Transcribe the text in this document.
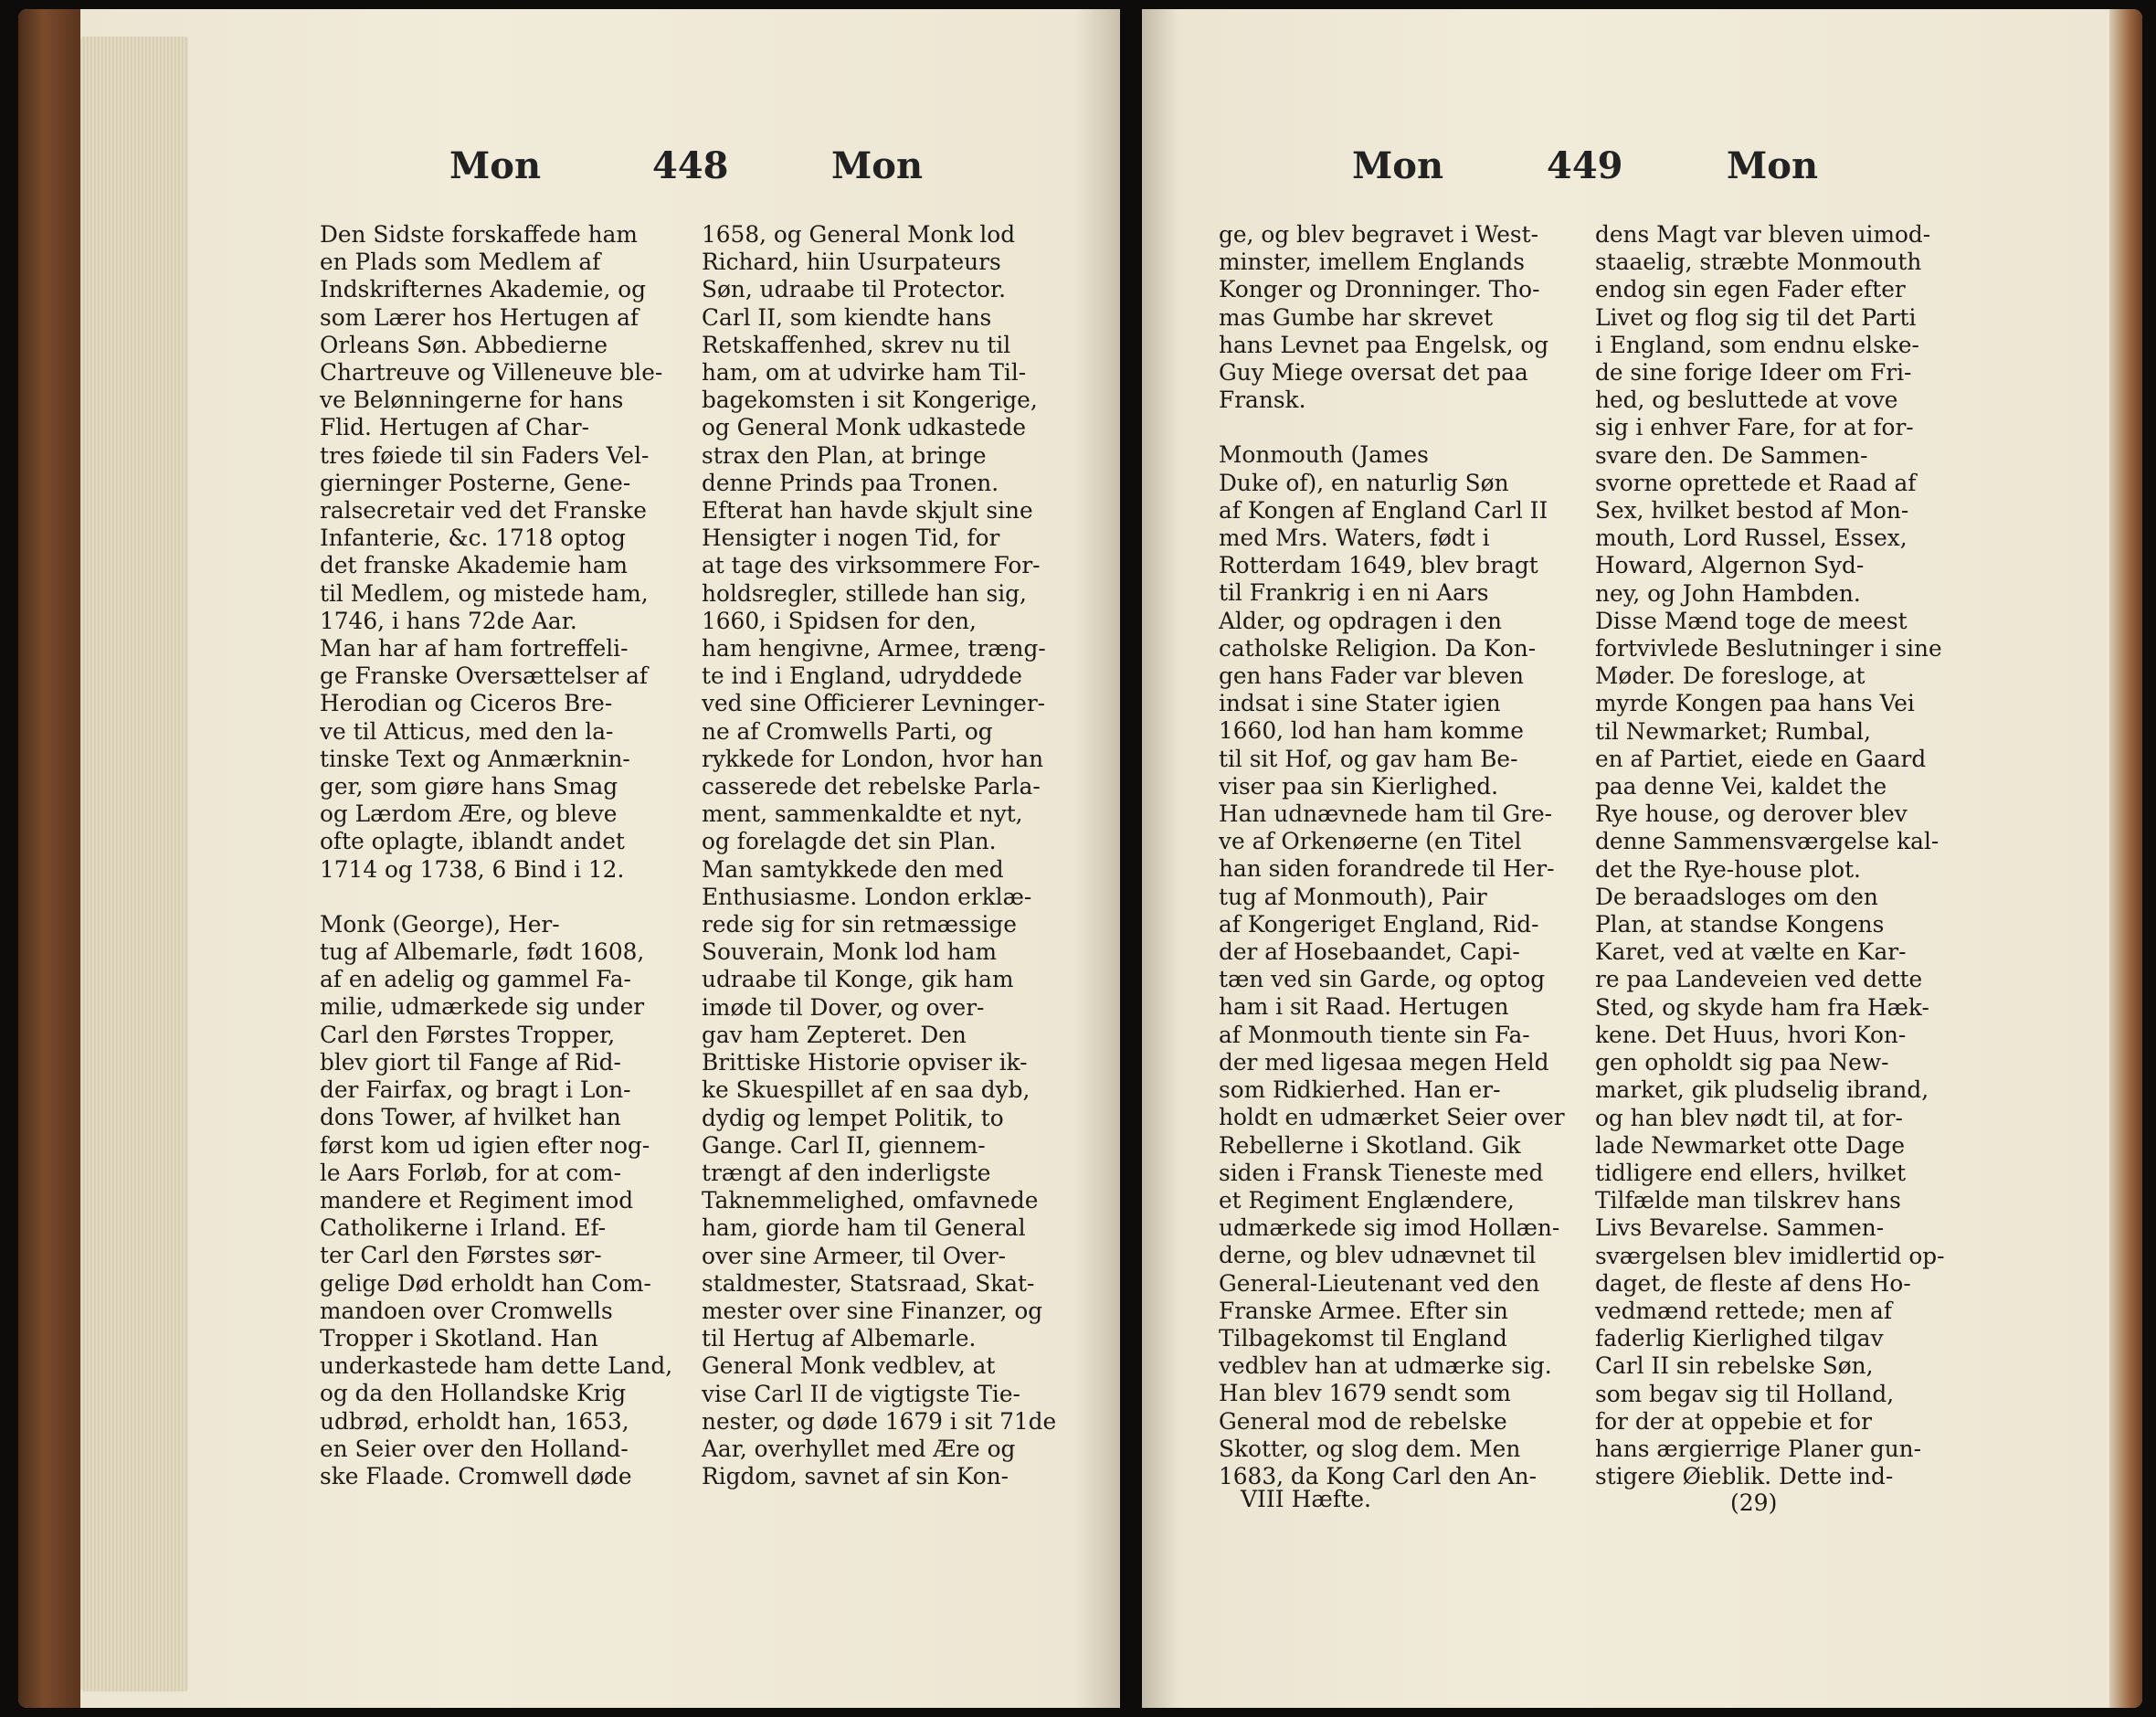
Mon	448	Mon

Den Sidste forskaffede ham

en Plads som Medlem af

Indskrifternes Akademie, og

som Lærer hos Hertugen af

Orleans Søn. Abbedierne

Chartreuve og Villeneuve ble-

ve Belønningerne for hans

Flid. Hertugen af Char-

tres føiede til sin Faders Vel-

gierninger Posterne, Gene-

ralsecretair ved det Franske

Infanterie, &c. 1718 optog

det franske Akademie ham

til Medlem, og mistede ham,

1746, i hans 72de Aar.

Man har af ham fortreffeli-

ge Franske Oversættelser af

Herodian og Ciceros Bre-

ve til Atticus, med den la-

tinske Text og Anmærknin-

ger, som giøre hans Smag

og Lærdom Ære, og bleve

ofte oplagte, iblandt andet

1714 og 1738, 6 Bind i 12.

Monk (George), Her-

tug af Albemarle, født 1608,

af en adelig og gammel Fa-

milie, udmærkede sig under

Carl den Førstes Tropper,

blev giort til Fange af Rid-

der Fairfax, og bragt i Lon-

dons Tower, af hvilket han

først kom ud igien efter nog-

le Aars Forløb, for at com-

mandere et Regiment imod

Catholikerne i Irland. Ef-

ter Carl den Førstes sør-

gelige Død erholdt han Com-

mandoen over Cromwells

Tropper i Skotland. Han

underkastede ham dette Land,

og da den Hollandske Krig

udbrød, erholdt han, 1653,

en Seier over den Holland-

ske Flaade. Cromwell døde

1658, og General Monk lod

Richard, hiin Usurpateurs

Søn, udraabe til Protector.

Carl II, som kiendte hans

Retskaffenhed, skrev nu til

ham, om at udvirke ham Til-

bagekomsten i sit Kongerige,

og General Monk udkastede

strax den Plan, at bringe

denne Prinds paa Tronen.

Efterat han havde skjult sine

Hensigter i nogen Tid, for

at tage des virksommere For-

holdsregler, stillede han sig,

1660, i Spidsen for den,

ham hengivne, Armee, træng-

te ind i England, udryddede

ved sine Officierer Levninger-

ne af Cromwells Parti, og

rykkede for London, hvor han

casserede det rebelske Parla-

ment, sammenkaldte et nyt,

og forelagde det sin Plan.

Man samtykkede den med

Enthusiasme. London erklæ-

rede sig for sin retmæssige

Souverain, Monk lod ham

udraabe til Konge, gik ham

imøde til Dover, og over-

gav ham Zepteret. Den

Brittiske Historie opviser ik-

ke Skuespillet af en saa dyb,

dydig og lempet Politik, to

Gange. Carl II, giennem-

trængt af den inderligste

Taknemmelighed, omfavnede

ham, giorde ham til General

over sine Armeer, til Over-

staldmester, Statsraad, Skat-

mester over sine Finanzer, og

til Hertug af Albemarle.

General Monk vedblev, at

vise Carl II de vigtigste Tie-

nester, og døde 1679 i sit 71de

Aar, overhyllet med Ære og

Rigdom, savnet af sin Kon-

Mon	449	Mon

ge, og blev begravet i West-

minster, imellem Englands

Konger og Dronninger. Tho-

mas Gumbe har skrevet

hans Levnet paa Engelsk, og

Guy Miege oversat det paa

Fransk.

Monmouth (James

Duke of), en naturlig Søn

af Kongen af England Carl II

med Mrs. Waters, født i

Rotterdam 1649, blev bragt

til Frankrig i en ni Aars

Alder, og opdragen i den

catholske Religion. Da Kon-

gen hans Fader var bleven

indsat i sine Stater igien

1660, lod han ham komme

til sit Hof, og gav ham Be-

viser paa sin Kierlighed.

Han udnævnede ham til Gre-

ve af Orkenøerne (en Titel

han siden forandrede til Her-

tug af Monmouth), Pair

af Kongeriget England, Rid-

der af Hosebaandet, Capi-

tæn ved sin Garde, og optog

ham i sit Raad. Hertugen

af Monmouth tiente sin Fa-

der med ligesaa megen Held

som Ridkierhed. Han er-

holdt en udmærket Seier over

Rebellerne i Skotland. Gik

siden i Fransk Tieneste med

et Regiment Englændere,

udmærkede sig imod Hollæn-

derne, og blev udnævnet til

General-Lieutenant ved den

Franske Armee. Efter sin

Tilbagekomst til England

vedblev han at udmærke sig.

Han blev 1679 sendt som

General mod de rebelske

Skotter, og slog dem. Men

1683, da Kong Carl den An-

dens Magt var bleven uimod-

staaelig, stræbte Monmouth

endog sin egen Fader efter

Livet og flog sig til det Parti

i England, som endnu elske-

de sine forige Ideer om Fri-

hed, og besluttede at vove

sig i enhver Fare, for at for-

svare den. De Sammen-

svorne oprettede et Raad af

Sex, hvilket bestod af Mon-

mouth, Lord Russel, Essex,

Howard, Algernon Syd-

ney, og John Hambden.

Disse Mænd toge de meest

fortvivlede Beslutninger i sine

Møder. De foresloge, at

myrde Kongen paa hans Vei

til Newmarket; Rumbal,

en af Partiet, eiede en Gaard

paa denne Vei, kaldet the

Rye house, og derover blev

denne Sammensværgelse kal-

det the Rye-house plot.

De beraadsloges om den

Plan, at standse Kongens

Karet, ved at vælte en Kar-

re paa Landeveien ved dette

Sted, og skyde ham fra Hæk-

kene. Det Huus, hvori Kon-

gen opholdt sig paa New-

market, gik pludselig ibrand,

og han blev nødt til, at for-

lade Newmarket otte Dage

tidligere end ellers, hvilket

Tilfælde man tilskrev hans

Livs Bevarelse. Sammen-

sværgelsen blev imidlertid op-

daget, de fleste af dens Ho-

vedmænd rettede; men af

faderlig Kierlighed tilgav

Carl II sin rebelske Søn,

som begav sig til Holland,

for der at oppebie et for

hans ærgierrige Planer gun-

stigere Øieblik. Dette ind-

VIII Hæfte.	(29)
